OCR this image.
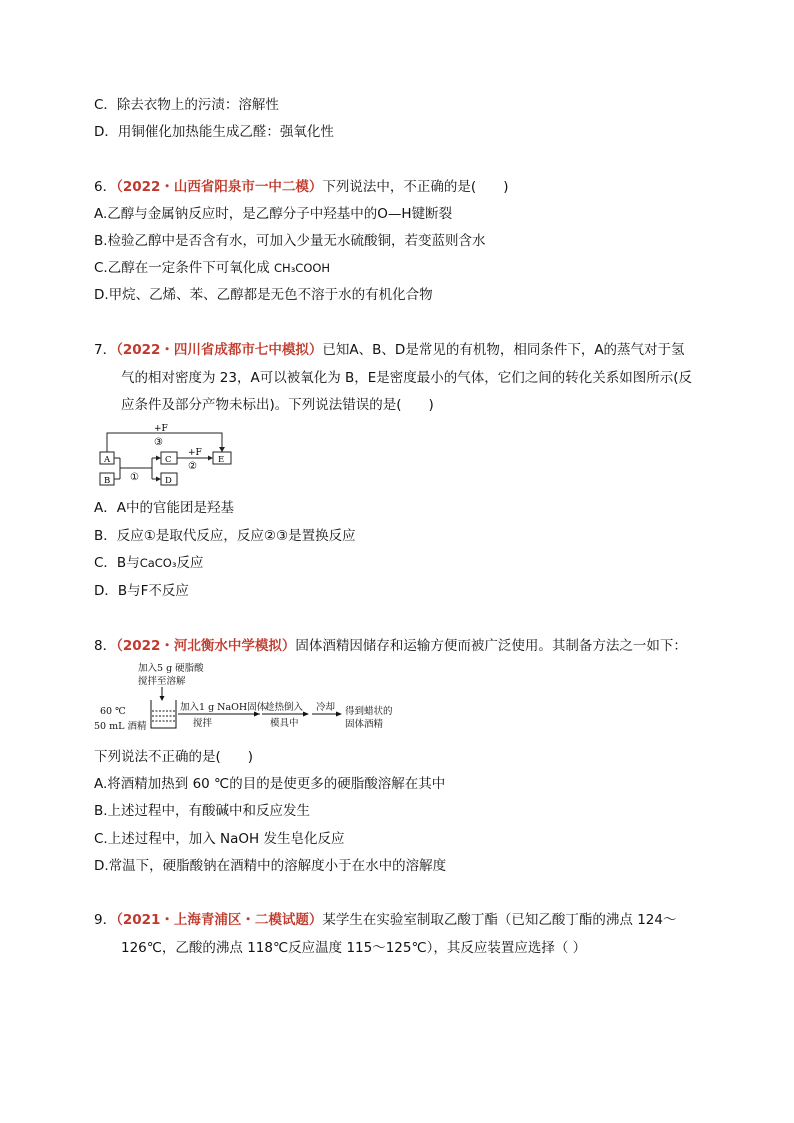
C．除去衣物上的污渍：溶解性
D．用铜催化加热能生成乙醛：强氧化性
6．（2022・山西省阳泉市一中二模）下列说法中，不正确的是(　　)
A.乙醇与金属钠反应时，是乙醇分子中羟基中的O—H键断裂
B.检验乙醇中是否含有水，可加入少量无水硫酸铜，若变蓝则含水
C.乙醇在一定条件下可氧化成 CH₃COOH
D.甲烷、乙烯、苯、乙醇都是无色不溶于水的有机化合物
7．（2022・四川省成都市七中模拟）已知A、B、D是常见的有机物，相同条件下，A的蒸气对于氢
气的相对密度为 23，A可以被氧化为 B，E是密度最小的气体，它们之间的转化关系如图所示(反
应条件及部分产物未标出)。下列说法错误的是(　　)
+F
③
+F
②
①
A
B
C
D
E
A．A中的官能团是羟基
B．反应①是取代反应，反应②③是置换反应
C．B与CaCO₃反应
D．B与F不反应
8．（2022・河北衡水中学模拟）固体酒精因储存和运输方便而被广泛使用。其制备方法之一如下：
加入5 g 硬脂酸
搅拌至溶解
60 ℃
50 mL 酒精
加入1 g NaOH固体
搅拌
趁热倒入
模具中
冷却 得到蜡状的
固体酒精
下列说法不正确的是(　　)
A.将酒精加热到 60 ℃的目的是使更多的硬脂酸溶解在其中
B.上述过程中，有酸碱中和反应发生
C.上述过程中，加入 NaOH 发生皂化反应
D.常温下，硬脂酸钠在酒精中的溶解度小于在水中的溶解度
9．（2021・上海青浦区・二模试题）某学生在实验室制取乙酸丁酯（已知乙酸丁酯的沸点 124～
126℃，乙酸的沸点 118℃反应温度 115～125℃），其反应装置应选择（ ）
